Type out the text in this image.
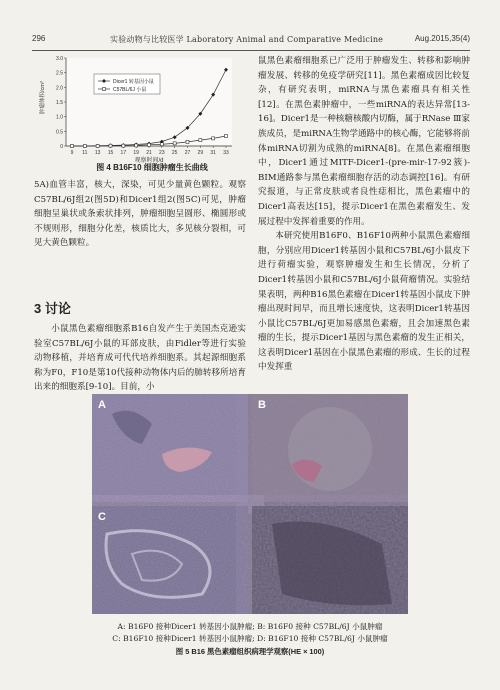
296	实验动物与比较医学 Laboratory Animal and Comparative Medicine	Aug.2015,35(4)
0
0.5
1.0
1.5
2.0
2.5
3.0
9 11 13 15 17 19 21 23 25 27 29 31 33
Dicer1 转基因小鼠
C57BL/6J 小鼠
肿瘤体积/cm³
观察时间/d
图 4 B16F10 细胞肿瘤生长曲线

5A)血管丰富，核大，深染，可见少量黄色颗粒。观察C57BL/6J组2(图5D)和Dicer1组2(图5C)可见，肿瘤细胞呈巢状或条索状排列，肿瘤细胞呈圆形、椭圆形或不规则形，细胞分化差，核质比大，多见核分裂相，可见大黄色颗粒。

3 讨论

小鼠黑色素瘤细胞系B16自发产生于美国杰克逊实验室C57BL/6J小鼠的耳部皮肤，由Fidler等进行实验动物移植，并培育成可代代培养细胞系。其起源细胞系称为F0，F10是第10代接种动物体内后的肺转移所培育出来的细胞系[9-10]。目前，小

鼠黑色素瘤细胞系已广泛用于肿瘤发生、转移和影响肿瘤发展、转移的免疫学研究[11]。黑色素瘤成因比较复杂，有研究表明，miRNA与黑色素瘤具有相关性[12]。在黑色素肿瘤中，一些miRNA的表达异常[13-16]。Dicer1是一种核糖核酸内切酶，属于RNase Ⅲ家族成员，是miRNA生物学通路中的核心酶，它能够将前体miRNA切割为成熟的miRNA[8]。在黑色素瘤细胞中，Dicer1通过MITF-Dicer1-(pre-mir-17-92簇)-BIM通路参与黑色素瘤细胞存活的动态调控[16]。有研究报道，与正常皮肤或者良性痣相比，黑色素瘤中的Dicer1高表达[15]，提示Dicer1在黑色素瘤发生、发展过程中发挥着重要的作用。

本研究使用B16F0、B16F10两种小鼠黑色素瘤细胞，分别应用Dicer1转基因小鼠和C57BL/6J小鼠皮下进行荷瘤实验，观察肿瘤发生和生长情况，分析了Dicer1转基因小鼠和C57BL/6J小鼠荷瘤情况。实验结果表明，两种B16黑色素瘤在Dicer1转基因小鼠皮下肿瘤出现时间早，而且增长速度快，这表明Dicer1转基因小鼠比C57BL/6J更加易感黑色素瘤，且会加速黑色素瘤的生长，提示Dicer1基因与黑色素瘤的发生正相关，这表明Dicer1基因在小鼠黑色素瘤的形成、生长的过程中发挥重

A	B
C
A: B16F0 接种Dicer1 转基因小鼠肿瘤; B: B16F0 接种 C57BL/6J 小鼠肿瘤
C: B16F10 接种Dicer1 转基因小鼠肿瘤; D: B16F10 接种 C57BL/6J 小鼠肿瘤
图 5 B16 黑色素瘤组织病理学观察(HE × 100)
